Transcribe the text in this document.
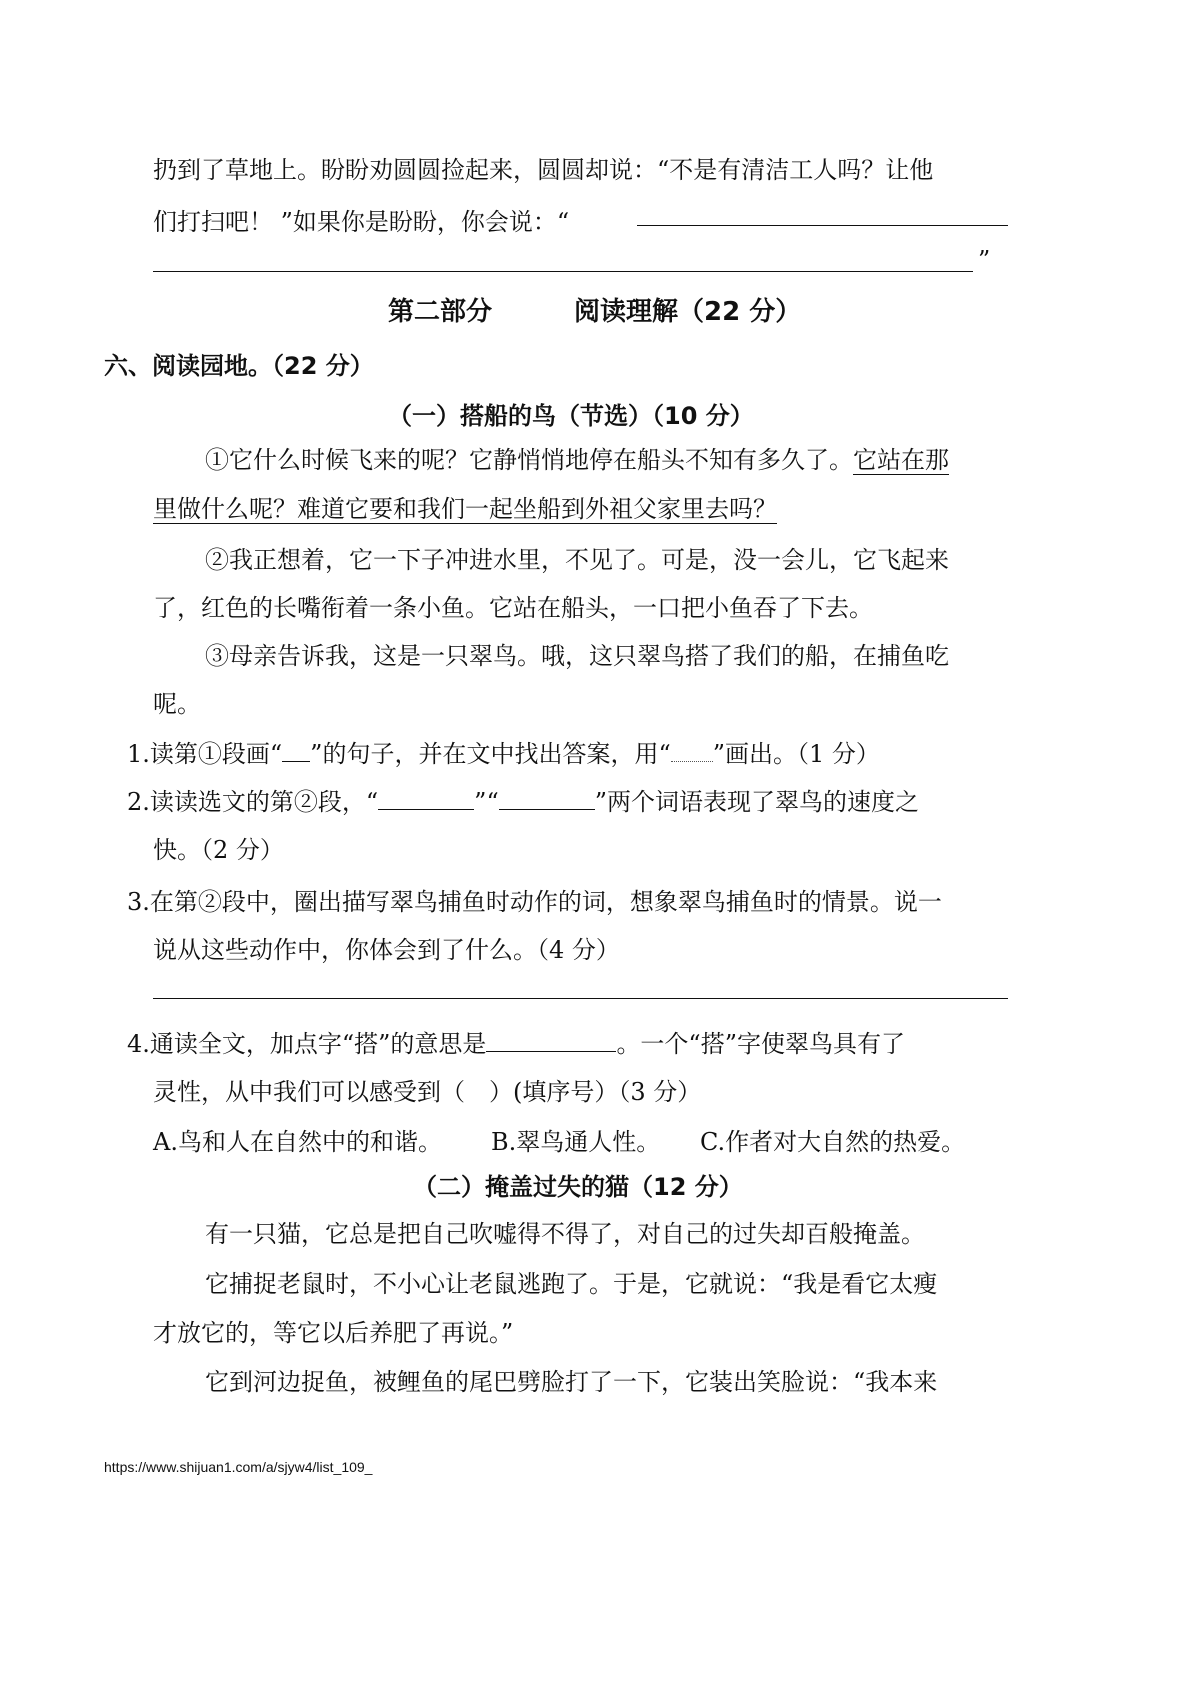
扔到了草地上。盼盼劝圆圆捡起来，圆圆却说：“不是有清洁工人吗？让他
们打扫吧！ ”如果你是盼盼，你会说：“
”
第二部分	阅读理解（22 分）
六、阅读园地。（22 分）
（一）搭船的鸟（节选）（10 分）
①它什么时候飞来的呢？它静悄悄地停在船头不知有多久了。它站在那
里做什么呢？难道它要和我们一起坐船到外祖父家里去吗？
②我正想着，它一下子冲进水里，不见了。可是，没一会儿，它飞起来
了，红色的长嘴衔着一条小鱼。它站在船头，一口把小鱼吞了下去。
③母亲告诉我，这是一只翠鸟。哦，这只翠鸟搭了我们的船，在捕鱼吃
呢。
1.读第①段画“ ”的句子，并在文中找出答案，用“ ”画出。（1 分）
2.读读选文的第②段，“	”“	”两个词语表现了翠鸟的速度之
快。（2 分）
3.在第②段中，圈出描写翠鸟捕鱼时动作的词，想象翠鸟捕鱼时的情景。说一
说从这些动作中，你体会到了什么。（4 分）
4.通读全文，加点字“搭”的意思是	。一个“搭”字使翠鸟具有了
灵性，从中我们可以感受到（　）(填序号）（3 分）
A.鸟和人在自然中的和谐。 B.翠鸟通人性。 C.作者对大自然的热爱。
（二）掩盖过失的猫（12 分）
有一只猫，它总是把自己吹嘘得不得了，对自己的过失却百般掩盖。
它捕捉老鼠时，不小心让老鼠逃跑了。于是，它就说：“我是看它太瘦
才放它的，等它以后养肥了再说。”
它到河边捉鱼，被鲤鱼的尾巴劈脸打了一下，它装出笑脸说：“我本来
https://www.shijuan1.com/a/sjyw4/list_109_
